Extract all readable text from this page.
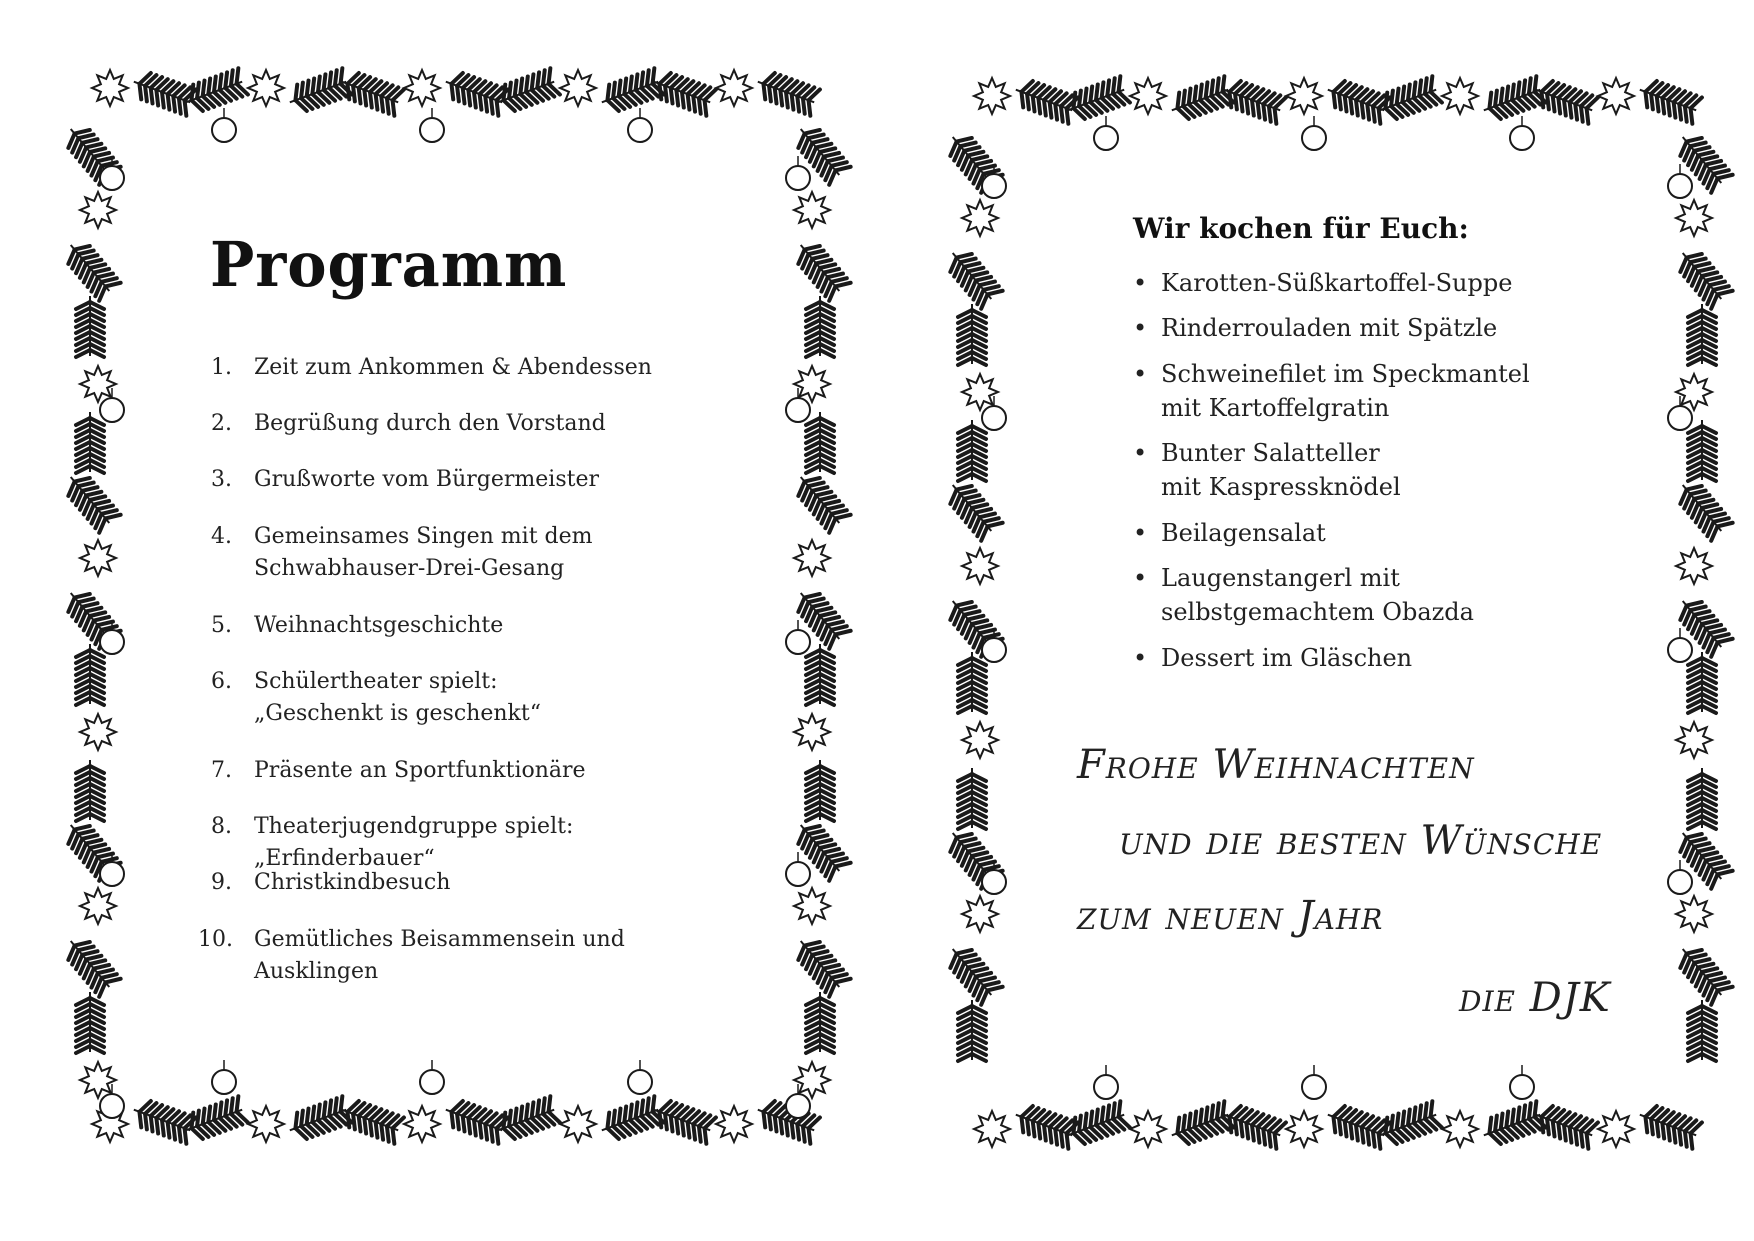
Programm
1. Zeit zum Ankommen & Abendessen
2. Begrüßung durch den Vorstand
3. Grußworte vom Bürgermeister
4. Gemeinsames Singen mit dem
Schwabhauser-Drei-Gesang
5. Weihnachtsgeschichte
6. Schülertheater spielt:
„Geschenkt is geschenkt“
7. Präsente an Sportfunktionäre
8. Theaterjugendgruppe spielt: „Erfinderbauer“
9. Christkindbesuch
10. Gemütliches Beisammensein und
Ausklingen
Wir kochen für Euch:
• Karotten-Süßkartoffel-Suppe
• Rinderrouladen mit Spätzle
• Schweinefilet im Speckmantel
mit Kartoffelgratin
• Bunter Salatteller
mit Kaspressknödel
• Beilagensalat
• Laugenstangerl mit
selbstgemachtem Obazda
• Dessert im Gläschen

Frohe Weihnachten

und die besten Wünsche

zum neuen Jahr

die DJK
